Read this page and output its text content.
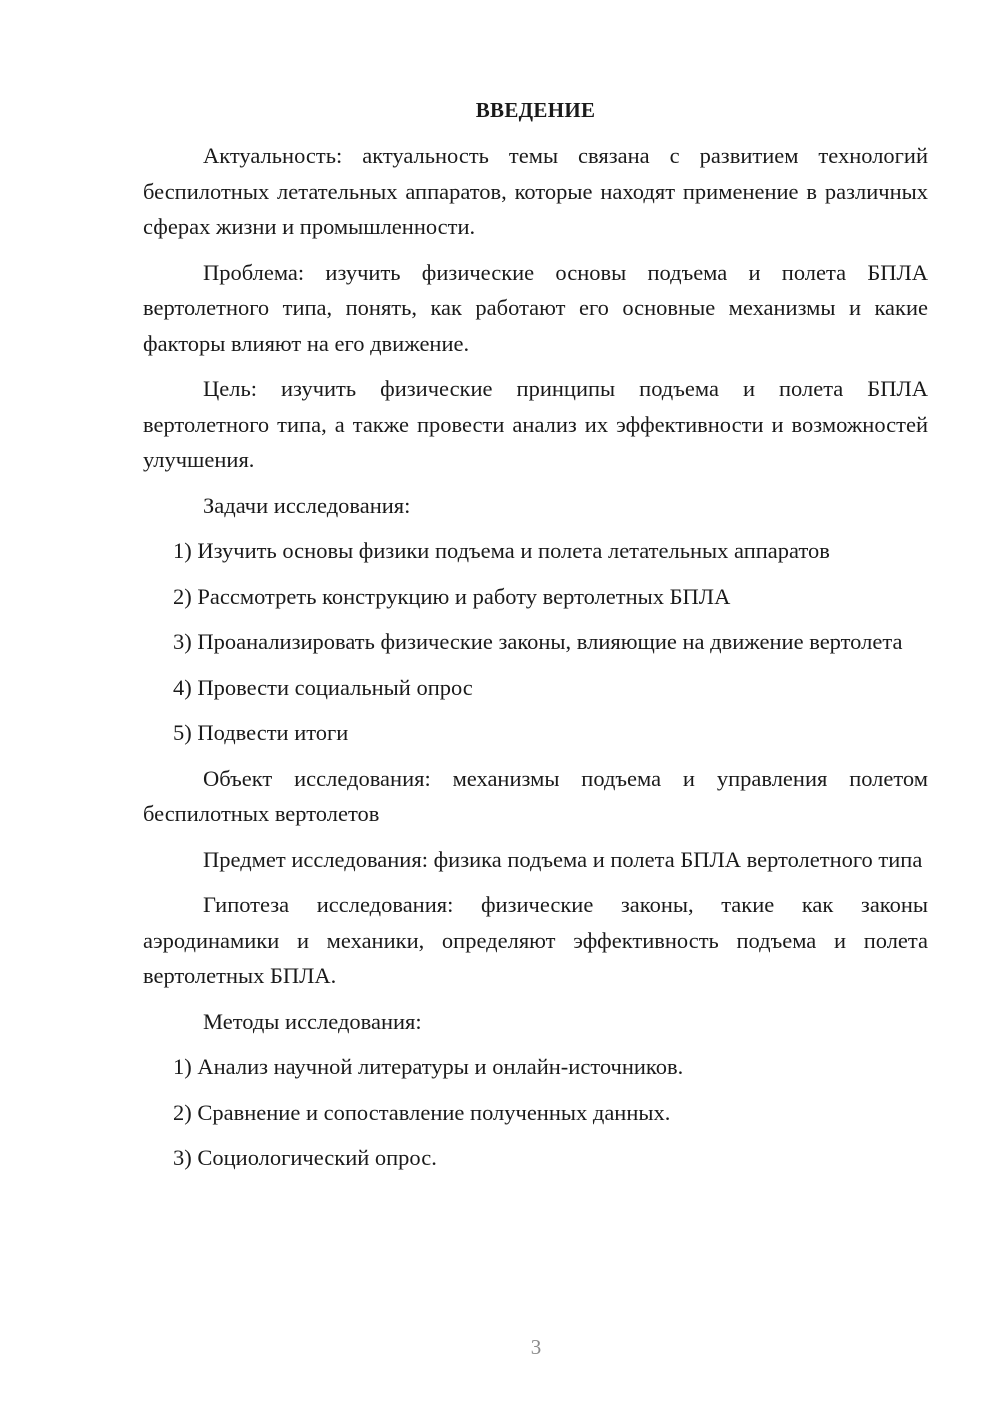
ВВЕДЕНИЕ

Актуальность: актуальность темы связана с развитием технологий беспилотных летательных аппаратов, которые находят применение в различных сферах жизни и промышленности.

Проблема: изучить физические основы подъема и полета БПЛА вертолетного типа, понять, как работают его основные механизмы и какие факторы влияют на его движение.

Цель: изучить физические принципы подъема и полета БПЛА вертолетного типа, а также провести анализ их эффективности и возможностей улучшения.

Задачи исследования:

1) Изучить основы физики подъема и полета летательных аппаратов

2) Рассмотреть конструкцию и работу вертолетных БПЛА

3) Проанализировать физические законы, влияющие на движение вертолета

4) Провести социальный опрос

5) Подвести итоги

Объект исследования: механизмы подъема и управления полетом беспилотных вертолетов

Предмет исследования: физика подъема и полета БПЛА вертолетного типа

Гипотеза исследования: физические законы, такие как законы аэродинамики и механики, определяют эффективность подъема и полета вертолетных БПЛА.

Методы исследования:

1) Анализ научной литературы и онлайн-источников.

2) Сравнение и сопоставление полученных данных.

3) Социологический опрос.

3
